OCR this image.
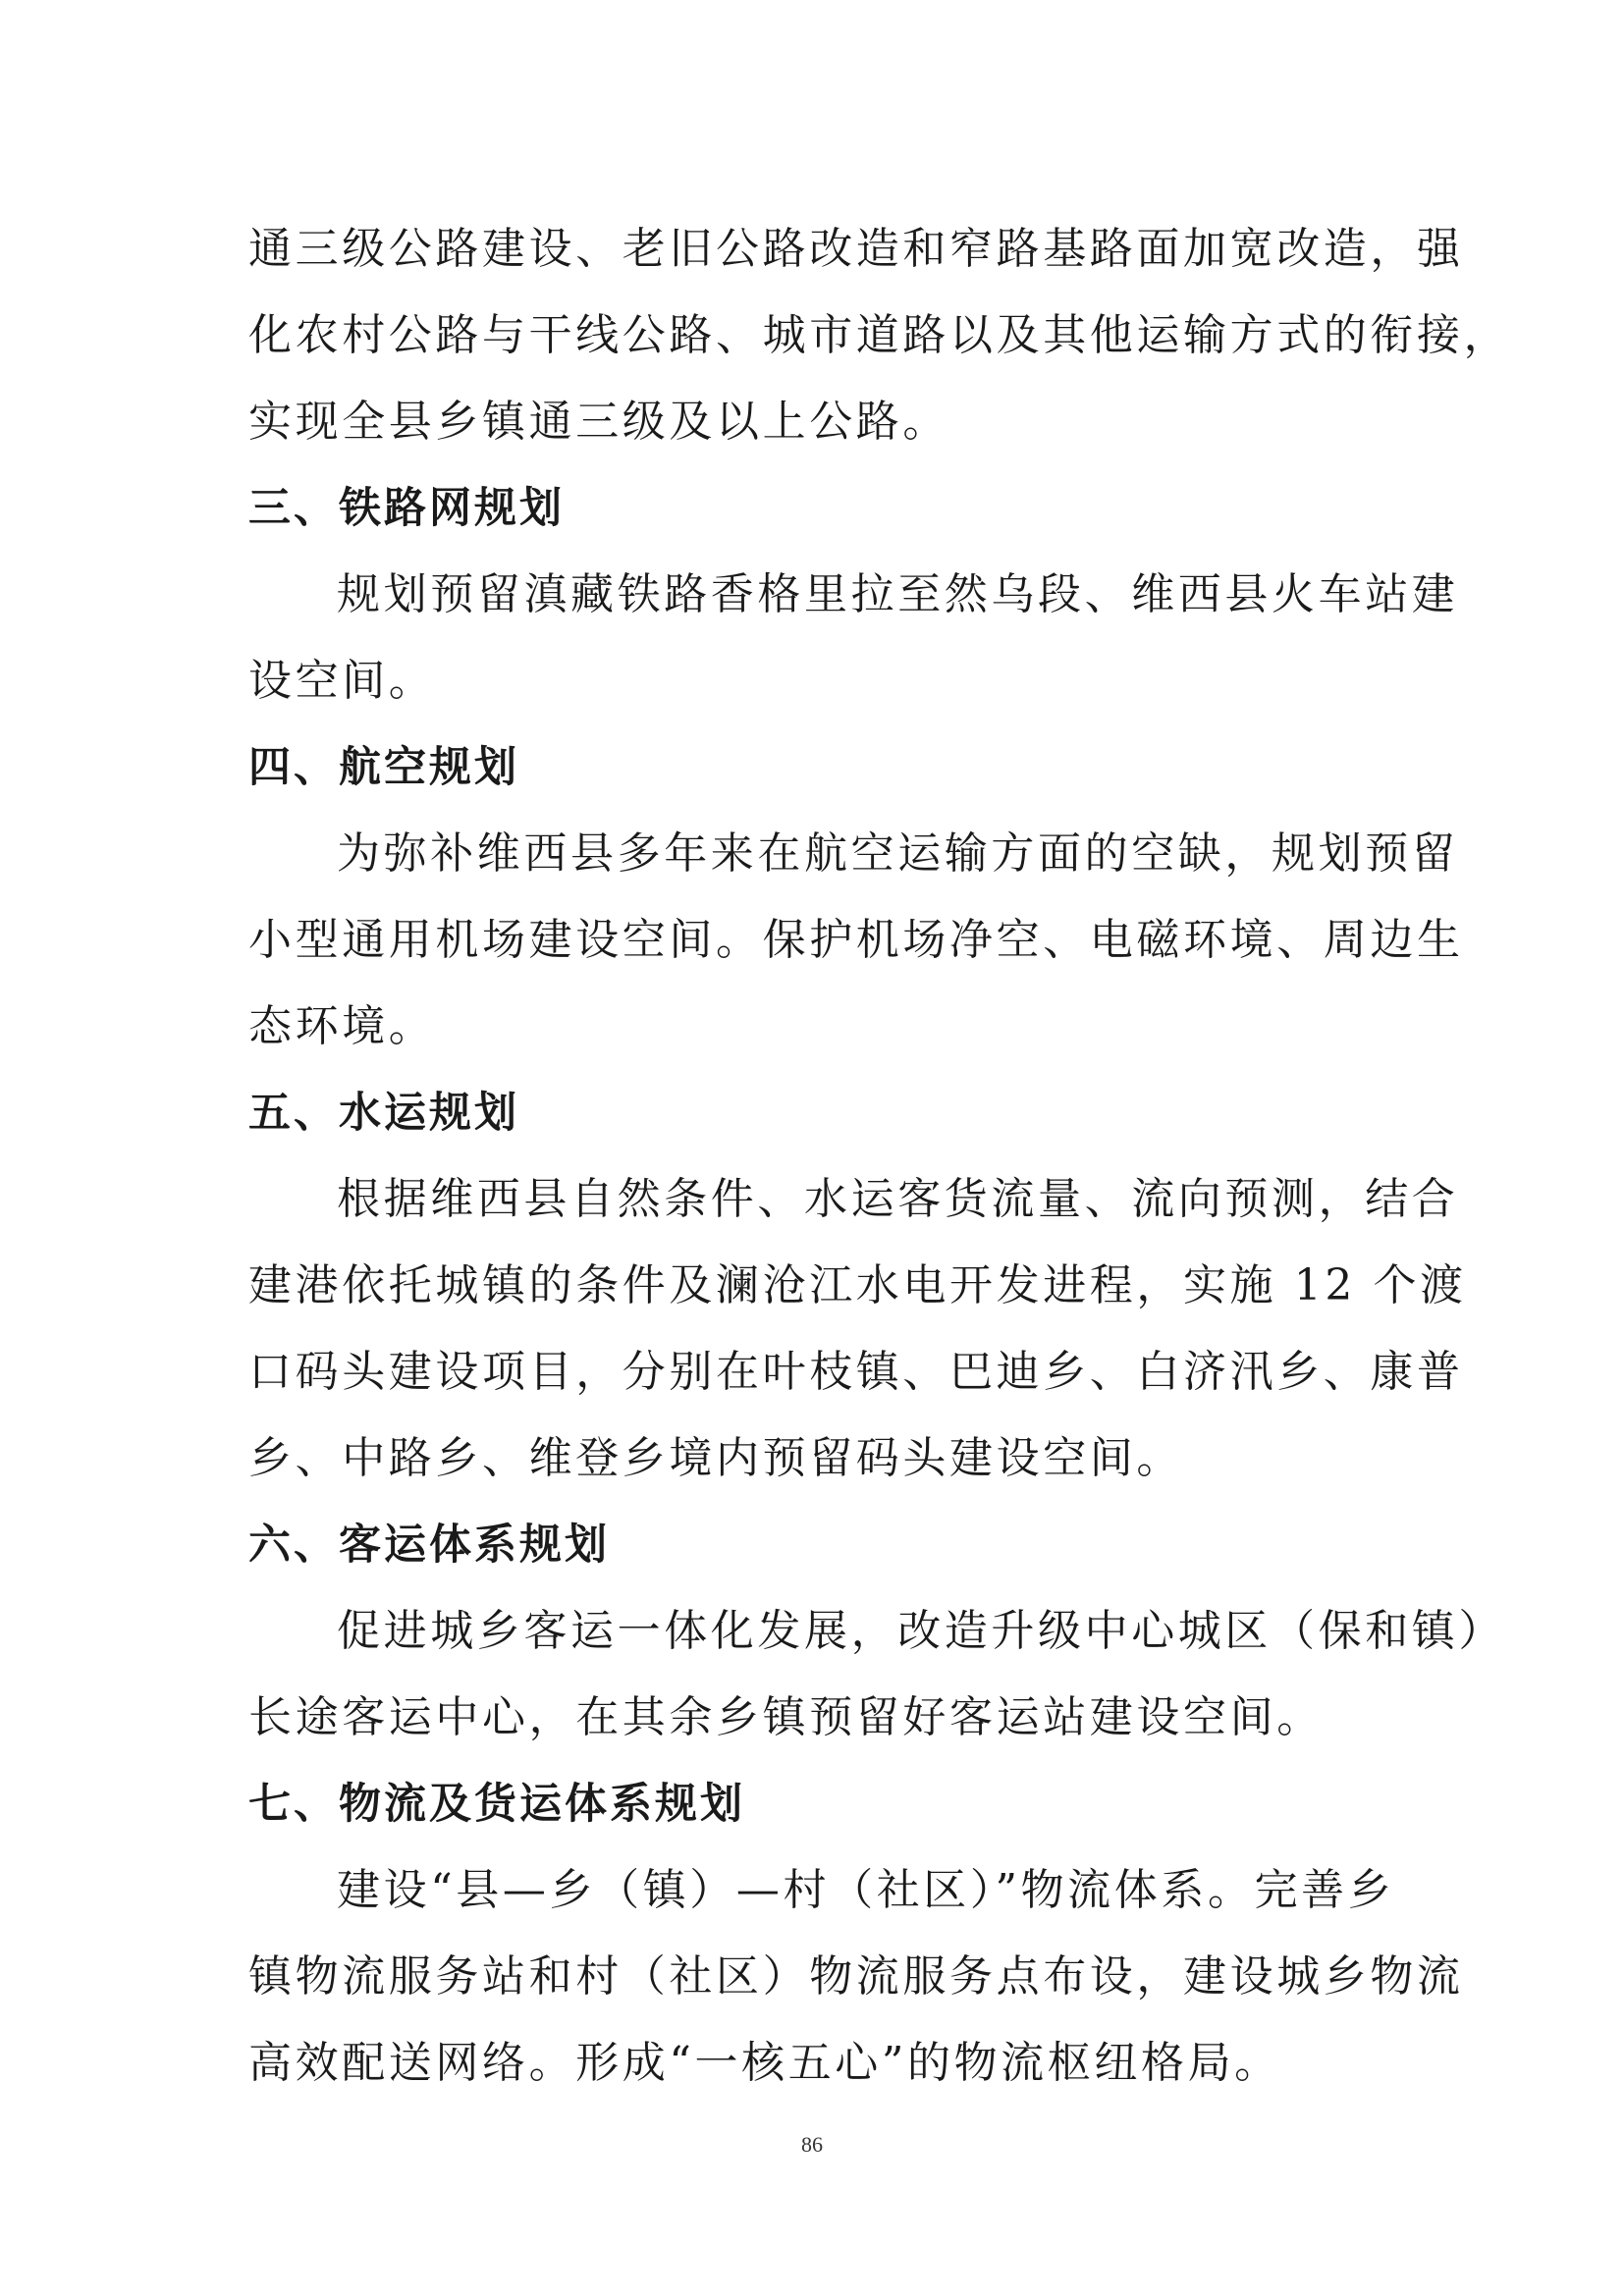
通三级公路建设、老旧公路改造和窄路基路面加宽改造，强
化农村公路与干线公路、城市道路以及其他运输方式的衔接，
实现全县乡镇通三级及以上公路。
三、铁路网规划
规划预留滇藏铁路香格里拉至然乌段、维西县火车站建
设空间。
四、航空规划
为弥补维西县多年来在航空运输方面的空缺，规划预留
小型通用机场建设空间。保护机场净空、电磁环境、周边生
态环境。
五、水运规划
根据维西县自然条件、水运客货流量、流向预测，结合
建港依托城镇的条件及澜沧江水电开发进程，实施 12 个渡
口码头建设项目，分别在叶枝镇、巴迪乡、白济汛乡、康普
乡、中路乡、维登乡境内预留码头建设空间。
六、客运体系规划
促进城乡客运一体化发展，改造升级中心城区（保和镇）
长途客运中心，在其余乡镇预留好客运站建设空间。
七、物流及货运体系规划
建设“县—乡（镇）—村（社区）”物流体系。完善乡
镇物流服务站和村（社区）物流服务点布设，建设城乡物流
高效配送网络。形成“一核五心”的物流枢纽格局。
86
